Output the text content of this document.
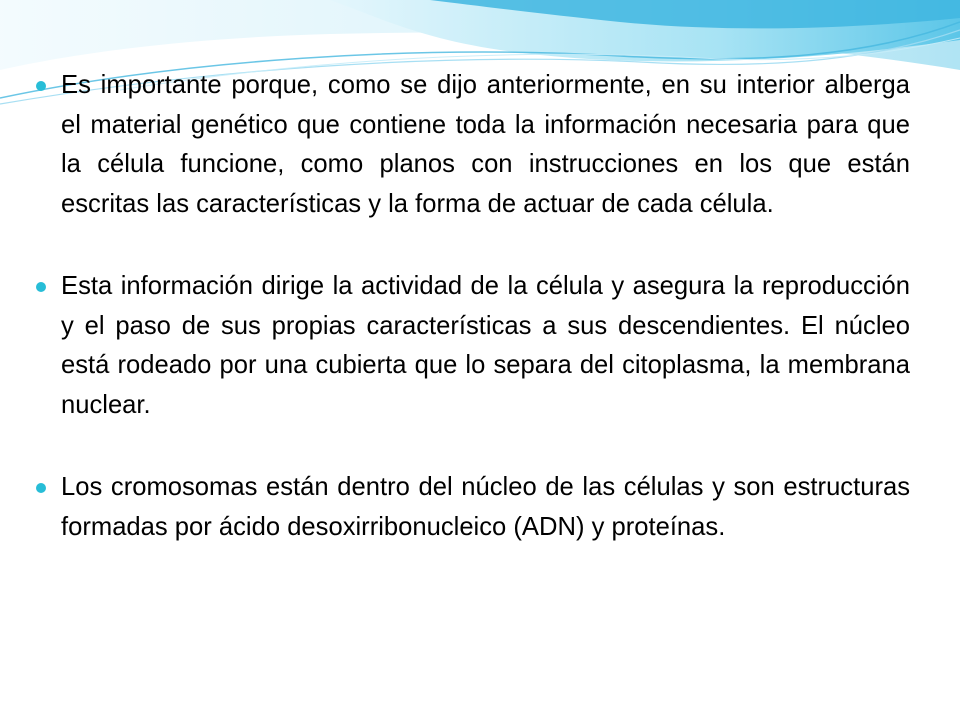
Es importante porque, como se dijo anteriormente, en su interior alberga el material genético que contiene toda la información necesaria para que la célula funcione, como planos con instrucciones en los que están escritas las características y la forma de actuar de cada célula.
Esta información dirige la actividad de la célula y asegura la reproducción y el paso de sus propias características a sus descendientes. El núcleo está rodeado por una cubierta que lo separa del citoplasma, la membrana nuclear.
Los cromosomas están dentro del núcleo de las células y son estructuras formadas por ácido desoxirribonucleico (ADN) y proteínas.
